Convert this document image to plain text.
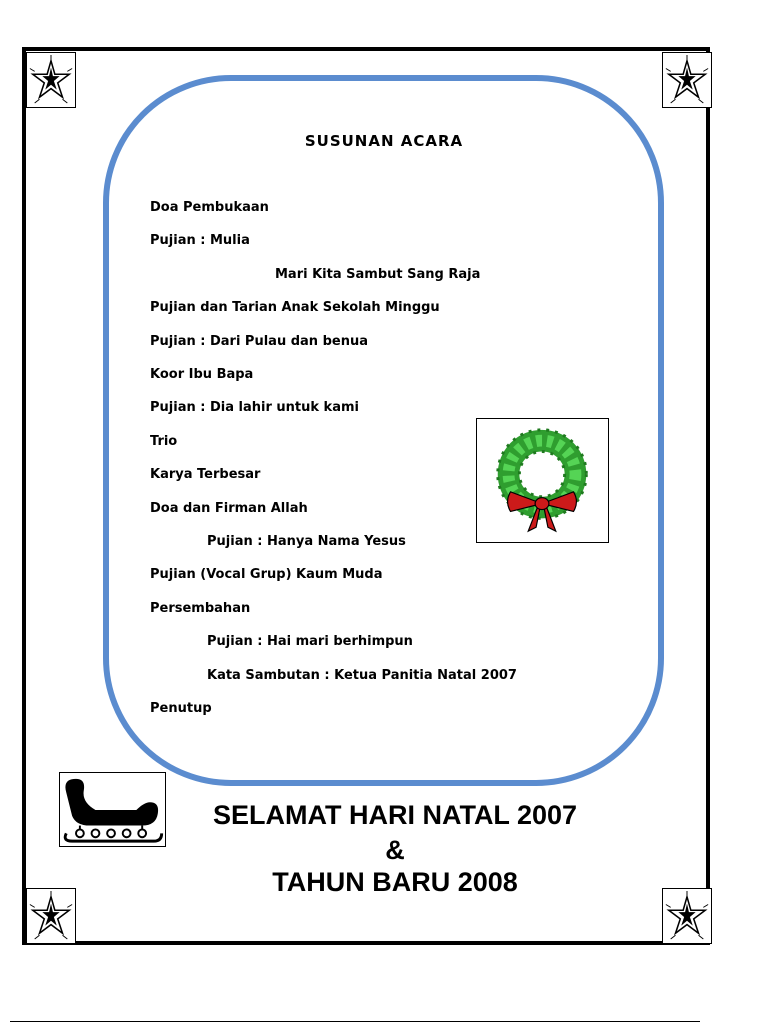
SUSUNAN ACARA
Doa Pembukaan
Pujian : Mulia
Mari Kita Sambut Sang Raja
Pujian dan Tarian Anak Sekolah Minggu
Pujian : Dari Pulau dan benua
Koor Ibu Bapa
Pujian : Dia lahir untuk kami
Trio
Karya Terbesar
Doa dan Firman Allah
Pujian : Hanya Nama Yesus
Pujian (Vocal Grup) Kaum Muda
Persembahan
Pujian : Hai mari berhimpun
Kata Sambutan : Ketua Panitia Natal 2007
Penutup
SELAMAT HARI NATAL 2007
&
TAHUN BARU 2008
